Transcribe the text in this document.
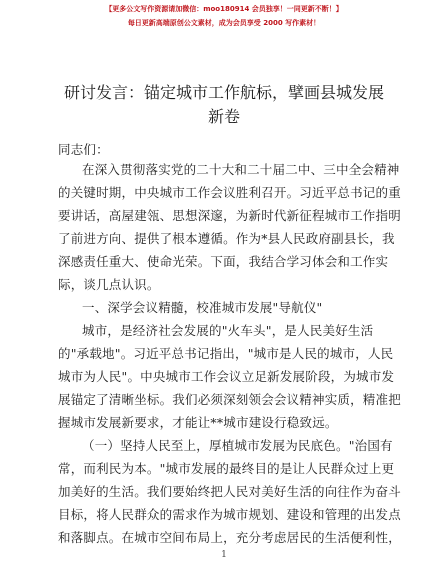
【更多公文写作资源请加微信：moo180914 会员独享！一同更新不断！】
每日更新高端原创公文素材，成为会员享受 2000 写作素材！
研讨发言：锚定城市工作航标，擘画县城发展
新卷
同志们：
在深入贯彻落实党的二十大和二十届二中、三中全会精神
的关键时期，中央城市工作会议胜利召开。习近平总书记的重
要讲话，高屋建瓴、思想深邃，为新时代新征程城市工作指明
了前进方向、提供了根本遵循。作为*县人民政府副县长，我
深感责任重大、使命光荣。下面，我结合学习体会和工作实
际，谈几点认识。
一、深学会议精髓，校准城市发展"导航仪"
城市，是经济社会发展的"火车头"，是人民美好生活
的"承载地"。习近平总书记指出，"城市是人民的城市，人民
城市为人民"。中央城市工作会议立足新发展阶段，为城市发
展锚定了清晰坐标。我们必须深刻领会会议精神实质，精准把
握城市发展新要求，才能让**城市建设行稳致远。
（一）坚持人民至上，厚植城市发展为民底色。"治国有
常，而利民为本。"城市发展的最终目的是让人民群众过上更
加美好的生活。我们要始终把人民对美好生活的向往作为奋斗
目标，将人民群众的需求作为城市规划、建设和管理的出发点
和落脚点。在城市空间布局上，充分考虑居民的生活便利性，
1
